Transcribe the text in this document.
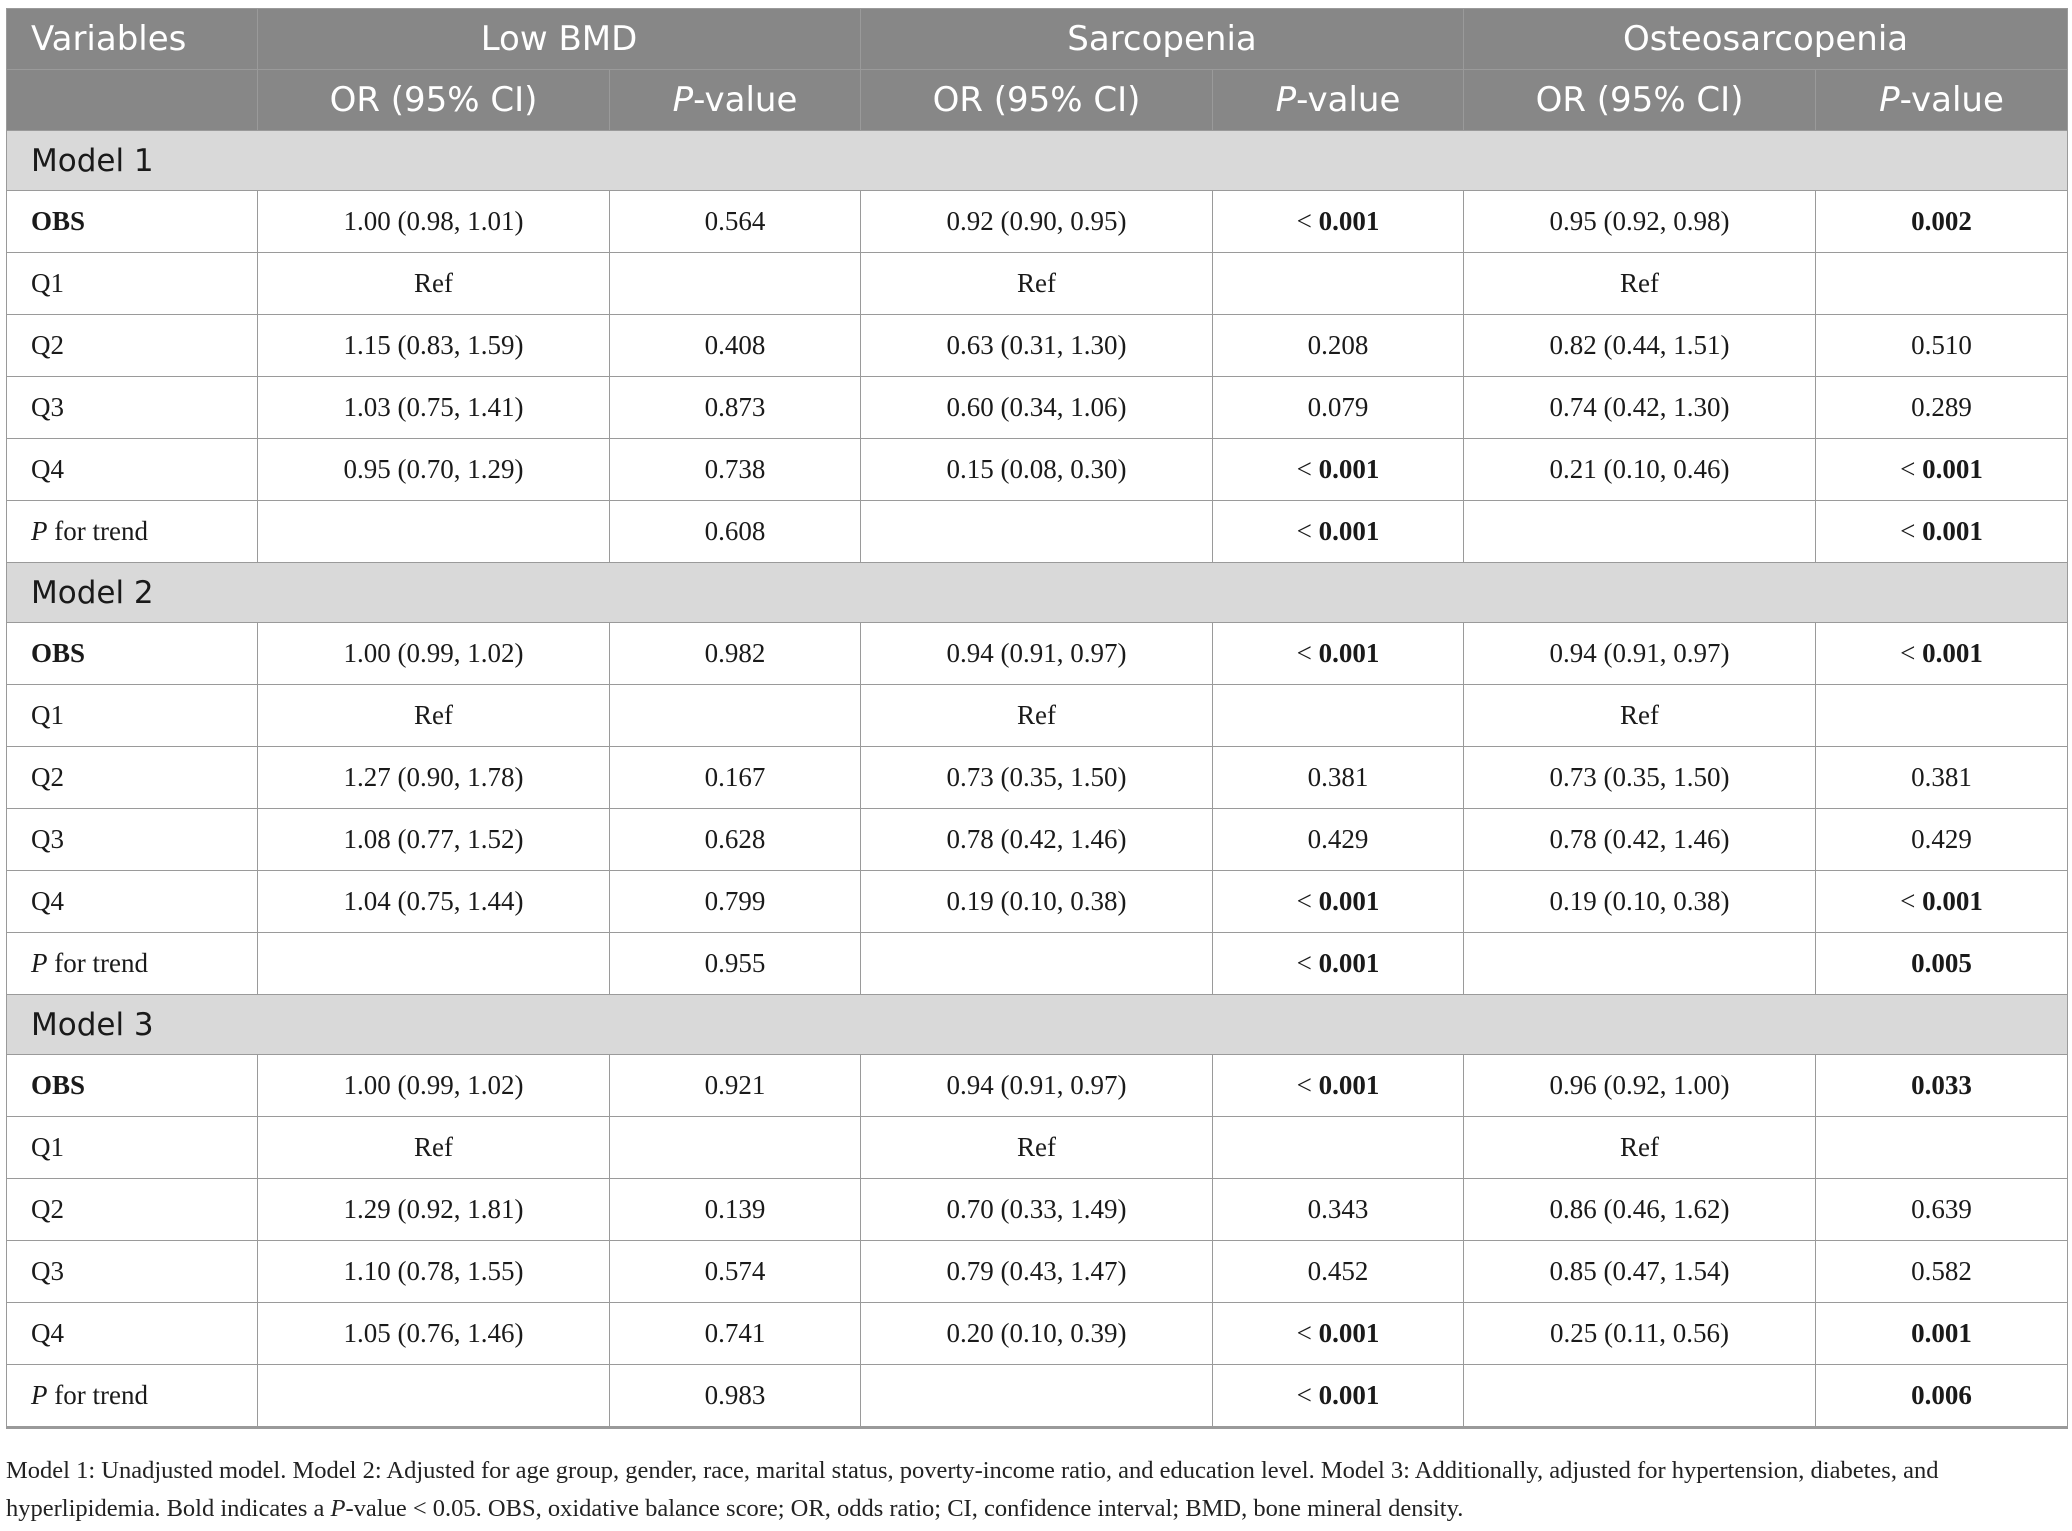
Variables	Low BMD		Sarcopenia		Osteosarcopenia	
	OR (95% CI)	P-value	OR (95% CI)	P-value	OR (95% CI)	P-value
Model 1						
OBS	1.00 (0.98, 1.01)	0.564	0.92 (0.90, 0.95)	< 0.001	0.95 (0.92, 0.98)	0.002
Q1	Ref		Ref		Ref	
Q2	1.15 (0.83, 1.59)	0.408	0.63 (0.31, 1.30)	0.208	0.82 (0.44, 1.51)	0.510
Q3	1.03 (0.75, 1.41)	0.873	0.60 (0.34, 1.06)	0.079	0.74 (0.42, 1.30)	0.289
Q4	0.95 (0.70, 1.29)	0.738	0.15 (0.08, 0.30)	< 0.001	0.21 (0.10, 0.46)	< 0.001
P for trend		0.608		< 0.001		< 0.001
Model 2						
OBS	1.00 (0.99, 1.02)	0.982	0.94 (0.91, 0.97)	< 0.001	0.94 (0.91, 0.97)	< 0.001
Q1	Ref		Ref		Ref	
Q2	1.27 (0.90, 1.78)	0.167	0.73 (0.35, 1.50)	0.381	0.73 (0.35, 1.50)	0.381
Q3	1.08 (0.77, 1.52)	0.628	0.78 (0.42, 1.46)	0.429	0.78 (0.42, 1.46)	0.429
Q4	1.04 (0.75, 1.44)	0.799	0.19 (0.10, 0.38)	< 0.001	0.19 (0.10, 0.38)	< 0.001
P for trend		0.955		< 0.001		0.005
Model 3						
OBS	1.00 (0.99, 1.02)	0.921	0.94 (0.91, 0.97)	< 0.001	0.96 (0.92, 1.00)	0.033
Q1	Ref		Ref		Ref	
Q2	1.29 (0.92, 1.81)	0.139	0.70 (0.33, 1.49)	0.343	0.86 (0.46, 1.62)	0.639
Q3	1.10 (0.78, 1.55)	0.574	0.79 (0.43, 1.47)	0.452	0.85 (0.47, 1.54)	0.582
Q4	1.05 (0.76, 1.46)	0.741	0.20 (0.10, 0.39)	< 0.001	0.25 (0.11, 0.56)	0.001
P for trend		0.983		< 0.001		0.006
Model 1: Unadjusted model. Model 2: Adjusted for age group, gender, race, marital status, poverty-income ratio, and education level. Model 3: Additionally, adjusted for hypertension, diabetes, and hyperlipidemia. Bold indicates a P-value < 0.05. OBS, oxidative balance score; OR, odds ratio; CI, confidence interval; BMD, bone mineral density.
